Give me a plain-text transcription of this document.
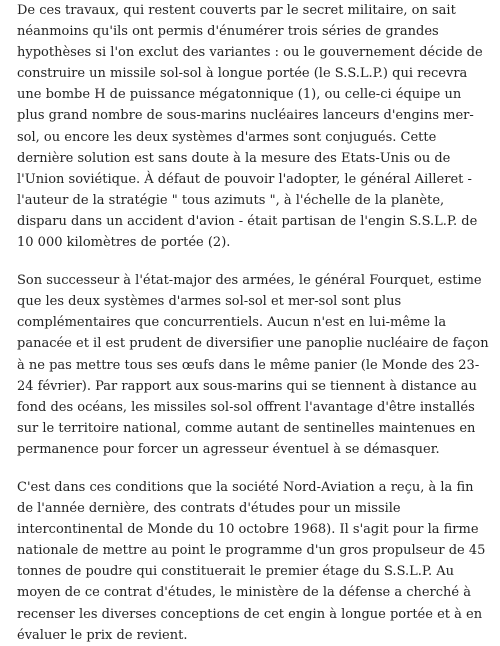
De ces travaux, qui restent couverts par le secret militaire, on sait néanmoins qu'ils ont permis d'énumérer trois séries de grandes hypothèses si l'on exclut des variantes : ou le gouvernement décide de construire un missile sol-sol à longue portée (le S.S.L.P.) qui recevra une bombe H de puissance mégatonnique (1), ou celle-ci équipe un plus grand nombre de sous-marins nucléaires lanceurs d'engins mer-sol, ou encore les deux systèmes d'armes sont conjugués. Cette dernière solution est sans doute à la mesure des Etats-Unis ou de l'Union soviétique. À défaut de pouvoir l'adopter, le général Ailleret - l'auteur de la stratégie " tous azimuts ", à l'échelle de la planète, disparu dans un accident d'avion - était partisan de l'engin S.S.L.P. de 10 000 kilomètres de portée (2).

Son successeur à l'état-major des armées, le général Fourquet, estime que les deux systèmes d'armes sol-sol et mer-sol sont plus complémentaires que concurrentiels. Aucun n'est en lui-même la panacée et il est prudent de diversifier une panoplie nucléaire de façon à ne pas mettre tous ses œufs dans le même panier (le Monde des 23-24 février). Par rapport aux sous-marins qui se tiennent à distance au fond des océans, les missiles sol-sol offrent l'avantage d'être installés sur le territoire national, comme autant de sentinelles maintenues en permanence pour forcer un agresseur éventuel à se démasquer.

C'est dans ces conditions que la société Nord-Aviation a reçu, à la fin de l'année dernière, des contrats d'études pour un missile intercontinental de Monde du 10 octobre 1968). Il s'agit pour la firme nationale de mettre au point le programme d'un gros propulseur de 45 tonnes de poudre qui constituerait le premier étage du S.S.L.P. Au moyen de ce contrat d'études, le ministère de la défense a cherché à recenser les diverses conceptions de cet engin à longue portée et à en évaluer le prix de revient.
